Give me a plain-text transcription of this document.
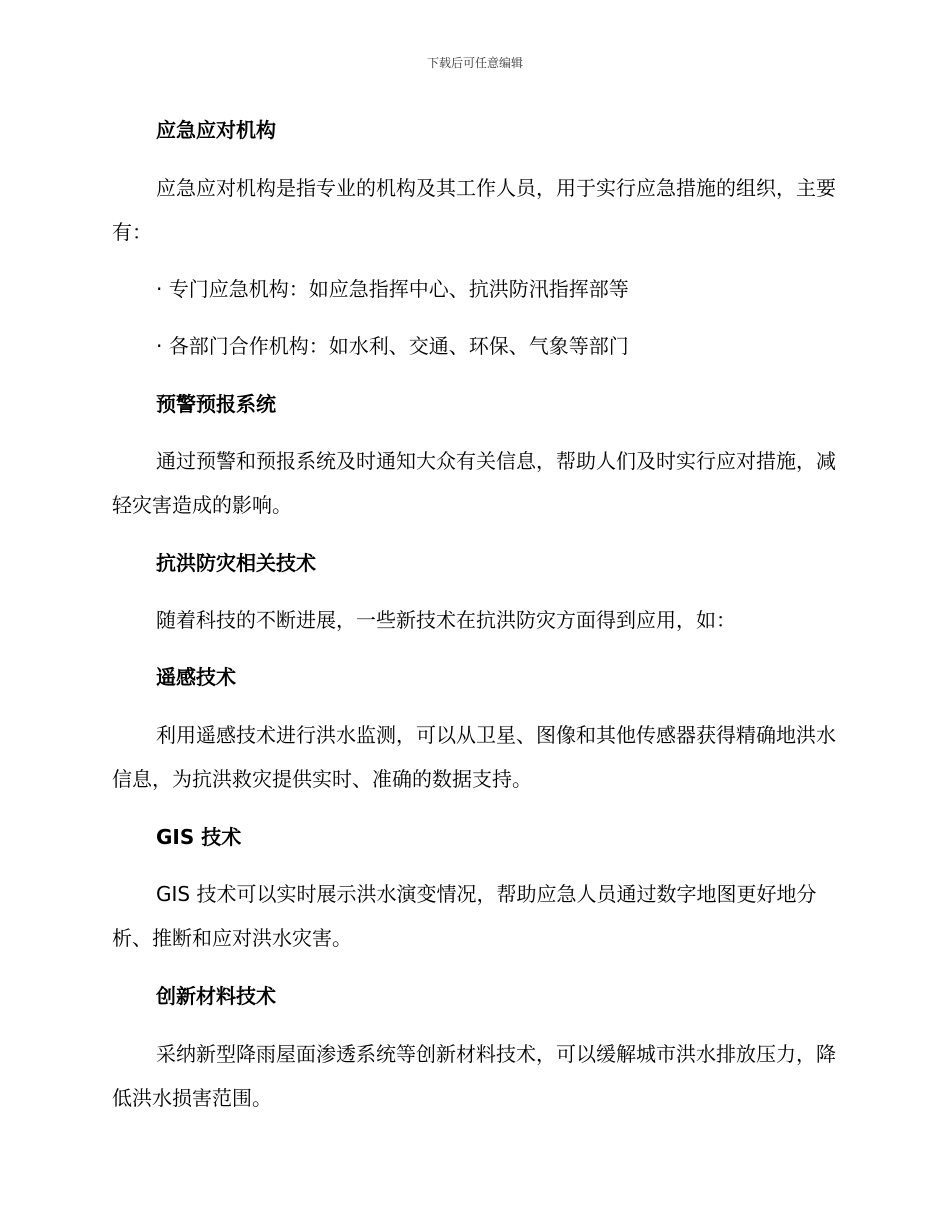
下载后可任意编辑
应急应对机构

应急应对机构是指专业的机构及其工作人员，用于实行应急措施的组织，主要有：

· 专门应急机构：如应急指挥中心、抗洪防汛指挥部等

· 各部门合作机构：如水利、交通、环保、气象等部门

预警预报系统

通过预警和预报系统及时通知大众有关信息，帮助人们及时实行应对措施，减轻灾害造成的影响。

抗洪防灾相关技术

随着科技的不断进展，一些新技术在抗洪防灾方面得到应用，如：

遥感技术

利用遥感技术进行洪水监测，可以从卫星、图像和其他传感器获得精确地洪水信息，为抗洪救灾提供实时、准确的数据支持。

GIS 技术

GIS 技术可以实时展示洪水演变情况，帮助应急人员通过数字地图更好地分析、推断和应对洪水灾害。

创新材料技术

采纳新型降雨屋面渗透系统等创新材料技术，可以缓解城市洪水排放压力，降低洪水损害范围。
